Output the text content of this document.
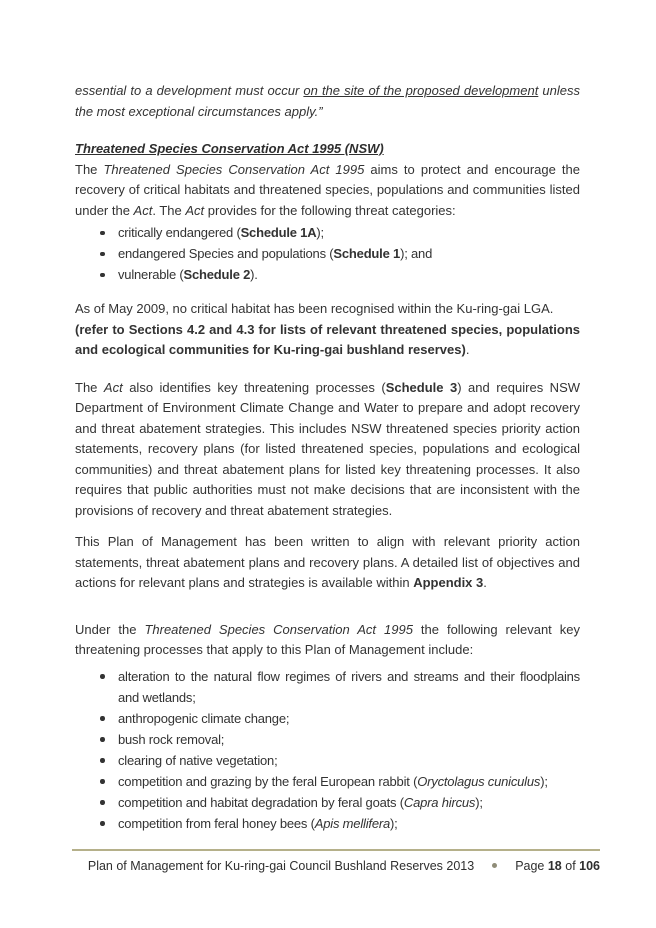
essential to a development must occur on the site of the proposed development unless the most exceptional circumstances apply.”

Threatened Species Conservation Act 1995 (NSW)

The Threatened Species Conservation Act 1995 aims to protect and encourage the recovery of critical habitats and threatened species, populations and communities listed under the Act. The Act provides for the following threat categories:

critically endangered (Schedule 1A);
endangered Species and populations (Schedule 1); and
vulnerable (Schedule 2).

As of May 2009, no critical habitat has been recognised within the Ku-ring-gai LGA.
(refer to Sections 4.2 and 4.3 for lists of relevant threatened species, populations and ecological communities for Ku-ring-gai bushland reserves).

The Act also identifies key threatening processes (Schedule 3) and requires NSW Department of Environment Climate Change and Water to prepare and adopt recovery and threat abatement strategies. This includes NSW threatened species priority action statements, recovery plans (for listed threatened species, populations and ecological communities) and threat abatement plans for listed key threatening processes. It also requires that public authorities must not make decisions that are inconsistent with the provisions of recovery and threat abatement strategies.

This Plan of Management has been written to align with relevant priority action statements, threat abatement plans and recovery plans. A detailed list of objectives and actions for relevant plans and strategies is available within Appendix 3.

Under the Threatened Species Conservation Act 1995 the following relevant key threatening processes that apply to this Plan of Management include:

alteration to the natural flow regimes of rivers and streams and their floodplains and wetlands;
anthropogenic climate change;
bush rock removal;
clearing of native vegetation;
competition and grazing by the feral European rabbit (Oryctolagus cuniculus);
competition and habitat degradation by feral goats (Capra hircus);
competition from feral honey bees (Apis mellifera);
Plan of Management for Ku-ring-gai Council Bushland Reserves 2013	Page 18 of 106
